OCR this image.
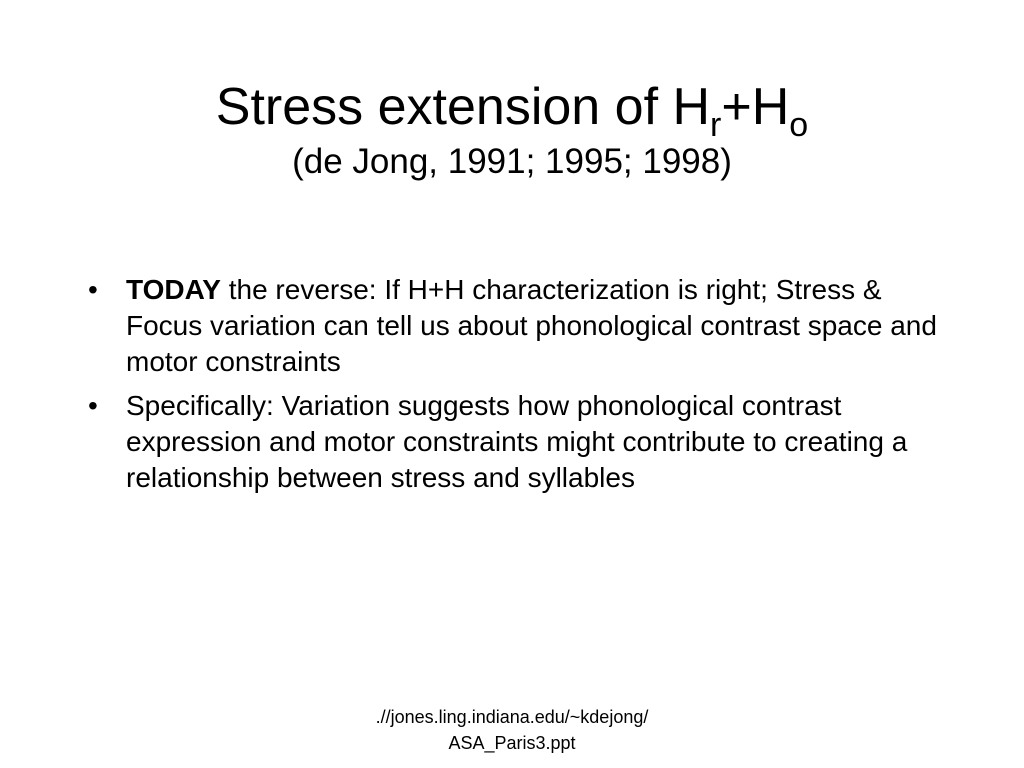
Stress extension of $H_r+H_o$
(de Jong, 1991; 1995; 1998)
• TODAY the reverse: If H+H characterization is right; Stress & Focus variation can tell us about phonological contrast space and motor constraints
• Specifically: Variation suggests how phonological contrast expression and motor constraints might contribute to creating a relationship between stress and syllables
.//jones.ling.indiana.edu/~kdejong/
ASA_Paris3.ppt
